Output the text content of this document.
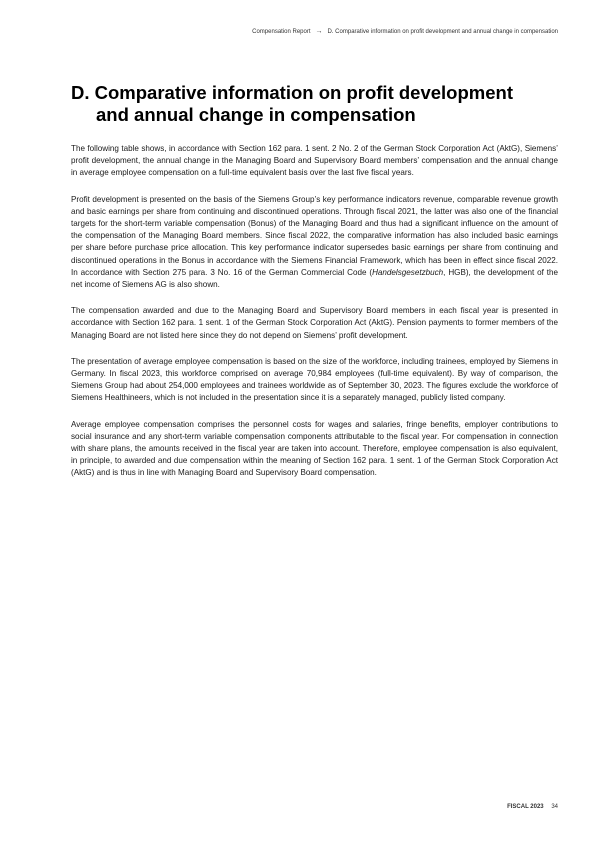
Compensation Report → D. Comparative information on profit development and annual change in compensation
D. Comparative information on profit development
and annual change in compensation

The following table shows, in accordance with Section 162 para. 1 sent. 2 No. 2 of the German Stock Corporation Act (AktG), Siemens’ profit development, the annual change in the Managing Board and Supervisory Board members’ compensation and the annual change in average employee compensation on a full-time equivalent basis over the last five fiscal years.

Profit development is presented on the basis of the Siemens Group’s key performance indicators revenue, comparable revenue growth and basic earnings per share from continuing and discontinued operations. Through fiscal 2021, the latter was also one of the financial targets for the short-term variable compensation (Bonus) of the Managing Board and thus had a significant influence on the amount of the compensation of the Managing Board members. Since fiscal 2022, the comparative information has also included basic earnings per share before purchase price allocation. This key performance indicator supersedes basic earnings per share from continuing and discontinued operations in the Bonus in accordance with the Siemens Financial Framework, which has been in effect since fiscal 2022. In accordance with Section 275 para. 3 No. 16 of the German Commercial Code (Handelsgesetzbuch, HGB), the development of the net income of Siemens AG is also shown.

The compensation awarded and due to the Managing Board and Supervisory Board members in each fiscal year is presented in accordance with Section 162 para. 1 sent. 1 of the German Stock Corporation Act (AktG). Pension payments to former members of the Managing Board are not listed here since they do not depend on Siemens’ profit development.

The presentation of average employee compensation is based on the size of the workforce, including trainees, employed by Siemens in Germany. In fiscal 2023, this workforce comprised on average 70,984 employees (full-time equivalent). By way of comparison, the Siemens Group had about 254,000 employees and trainees worldwide as of September 30, 2023. The figures exclude the workforce of Siemens Healthineers, which is not included in the presentation since it is a separately managed, publicly listed company.

Average employee compensation comprises the personnel costs for wages and salaries, fringe benefits, employer contributions to social insurance and any short-term variable compensation components attributable to the fiscal year. For compensation in connection with share plans, the amounts received in the fiscal year are taken into account. Therefore, employee compensation is also equivalent, in principle, to awarded and due compensation within the meaning of Section 162 para. 1 sent. 1 of the German Stock Corporation Act (AktG) and is thus in line with Managing Board and Supervisory Board compensation.

FISCAL 2023 34
